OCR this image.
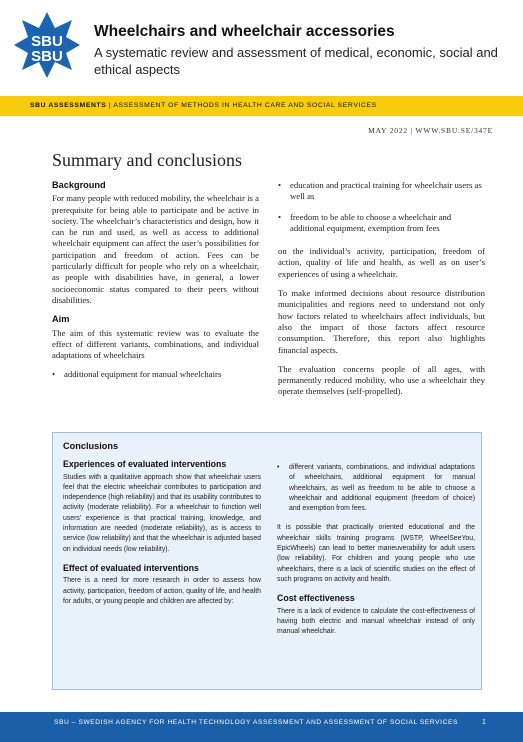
SBU
SBU
Wheelchairs and wheelchair accessories
A systematic review and assessment of medical, economic, social and ethical aspects
SBU ASSESSMENTS | ASSESSMENT OF METHODS IN HEALTH CARE AND SOCIAL SERVICES
MAY 2022 | WWW.SBU.SE/347E
Summary and conclusions
Background
For many people with reduced mobility, the wheelchair is a prerequisite for being able to participate and be active in society. The wheelchair’s characteristics and design, how it can be run and used, as well as access to additional wheelchair equipment can affect the user’s possibilities for participation and freedom of action. Fees can be particularly difficult for people who rely on a wheelchair, as people with disabilities have, in general, a lower socioeconomic status compared to their peers without disabilities.
Aim
The aim of this systematic review was to evaluate the effect of different variants, combinations, and individual adaptations of wheelchairs
•	additional equipment for manual wheelchairs
•	education and practical training for wheelchair users as well as
•	freedom to be able to choose a wheelchair and additional equipment, exemption from fees
on the individual’s activity, participation, freedom of action, quality of life and health, as well as on user’s experiences of using a wheelchair.
To make informed decisions about resource distribution municipalities and regions need to understand not only how factors related to wheelchairs affect individuals, but also the impact of those factors affect resource consumption. Therefore, this report also highlights financial aspects.
The evaluation concerns people of all ages, with permanently reduced mobility, who use a wheelchair they operate themselves (self-propelled).
Conclusions
Experiences of evaluated interventions
Studies with a qualitative approach show that wheelchair users feel that the electric wheelchair contributes to participation and independence (high reliability) and that its usability contributes to activity (moderate reliability). For a wheelchair to function well users’ experience is that practical training, knowledge, and information are needed (moderate reliability), as is access to service (low reliability) and that the wheelchair is adjusted based on individual needs (low reliability).
Effect of evaluated interventions
There is a need for more research in order to assess how activity, participation, freedom of action, quality of life, and health for adults, or young people and children are affected by:
•	different variants, combinations, and individual adaptations of wheelchairs, additional equipment for manual wheelchairs, as well as freedom to be able to choose a wheelchair and additional equipment (freedom of choice) and exemption from fees.
It is possible that practically oriented educational and the wheelchair skills training programs (WSTP, WheelSeeYou, EpicWheels) can lead to better maneuverability for adult users (low reliability). For children and young people who use wheelchairs, there is a lack of scientific studies on the effect of such programs on activity and health.
Cost effectiveness
There is a lack of evidence to calculate the cost-effectiveness of having both electric and manual wheelchair instead of only manual wheelchair.
SBU – SWEDISH AGENCY FOR HEALTH TECHNOLOGY ASSESSMENT AND ASSESSMENT OF SOCIAL SERVICES	1
